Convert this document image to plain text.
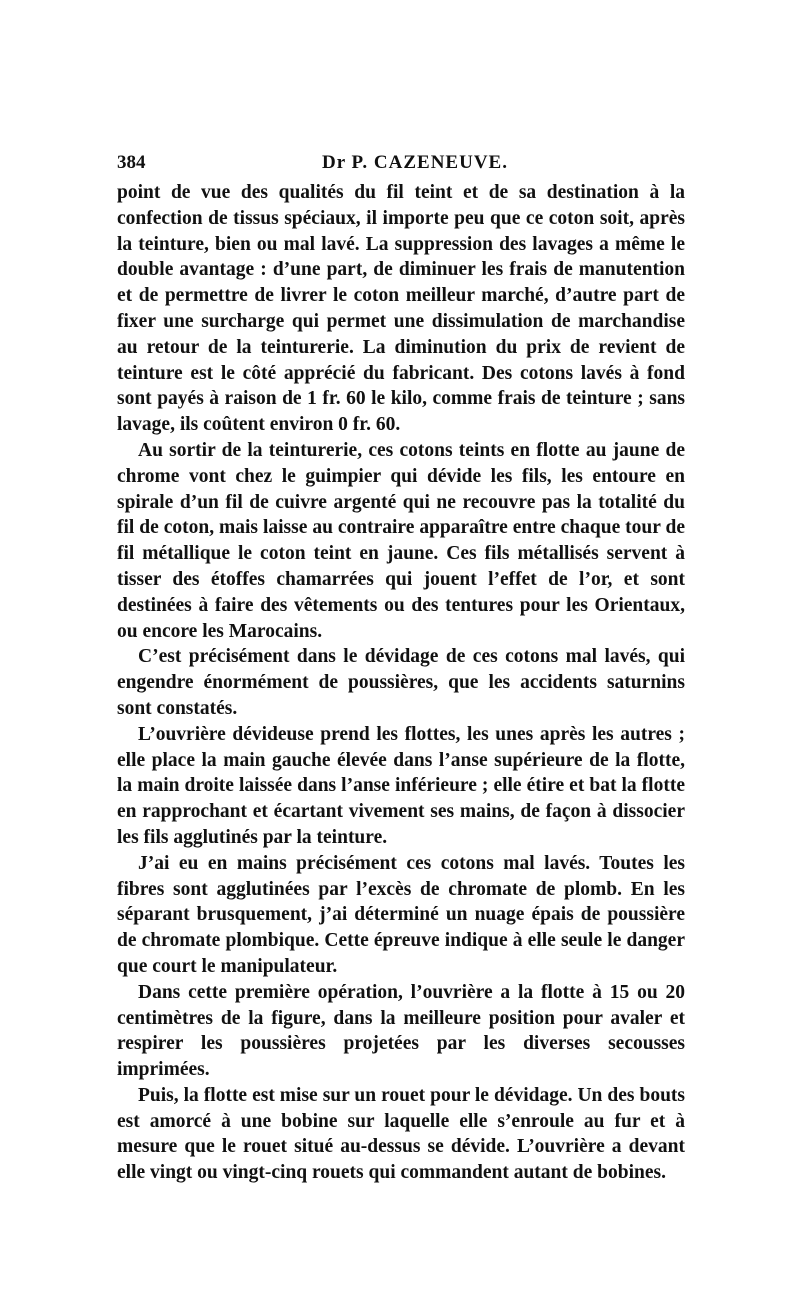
384	Dr P. CAZENEUVE.

point de vue des qualités du fil teint et de sa destination à la confection de tissus spéciaux, il importe peu que ce coton soit, après la teinture, bien ou mal lavé. La suppression des lavages a même le double avantage : d’une part, de diminuer les frais de manutention et de permettre de livrer le coton meilleur marché, d’autre part de fixer une surcharge qui permet une dissimulation de marchandise au retour de la teinturerie. La diminution du prix de revient de teinture est le côté apprécié du fabricant. Des cotons lavés à fond sont payés à raison de 1 fr. 60 le kilo, comme frais de teinture ; sans lavage, ils coûtent environ 0 fr. 60.

Au sortir de la teinturerie, ces cotons teints en flotte au jaune de chrome vont chez le guimpier qui dévide les fils, les entoure en spirale d’un fil de cuivre argenté qui ne recouvre pas la totalité du fil de coton, mais laisse au contraire apparaître entre chaque tour de fil métallique le coton teint en jaune. Ces fils métallisés servent à tisser des étoffes chamarrées qui jouent l’effet de l’or, et sont destinées à faire des vêtements ou des tentures pour les Orientaux, ou encore les Marocains.

C’est précisément dans le dévidage de ces cotons mal lavés, qui engendre énormément de poussières, que les accidents saturnins sont constatés.

L’ouvrière dévideuse prend les flottes, les unes après les autres ; elle place la main gauche élevée dans l’anse supérieure de la flotte, la main droite laissée dans l’anse inférieure ; elle étire et bat la flotte en rapprochant et écartant vivement ses mains, de façon à dissocier les fils agglutinés par la teinture.

J’ai eu en mains précisément ces cotons mal lavés. Toutes les fibres sont agglutinées par l’excès de chromate de plomb. En les séparant brusquement, j’ai déterminé un nuage épais de poussière de chromate plombique. Cette épreuve indique à elle seule le danger que court le manipulateur.

Dans cette première opération, l’ouvrière a la flotte à 15 ou 20 centimètres de la figure, dans la meilleure position pour avaler et respirer les poussières projetées par les diverses secousses imprimées.

Puis, la flotte est mise sur un rouet pour le dévidage. Un des bouts est amorcé à une bobine sur laquelle elle s’enroule au fur et à mesure que le rouet situé au-dessus se dévide. L’ouvrière a devant elle vingt ou vingt-cinq rouets qui commandent autant de bobines.
